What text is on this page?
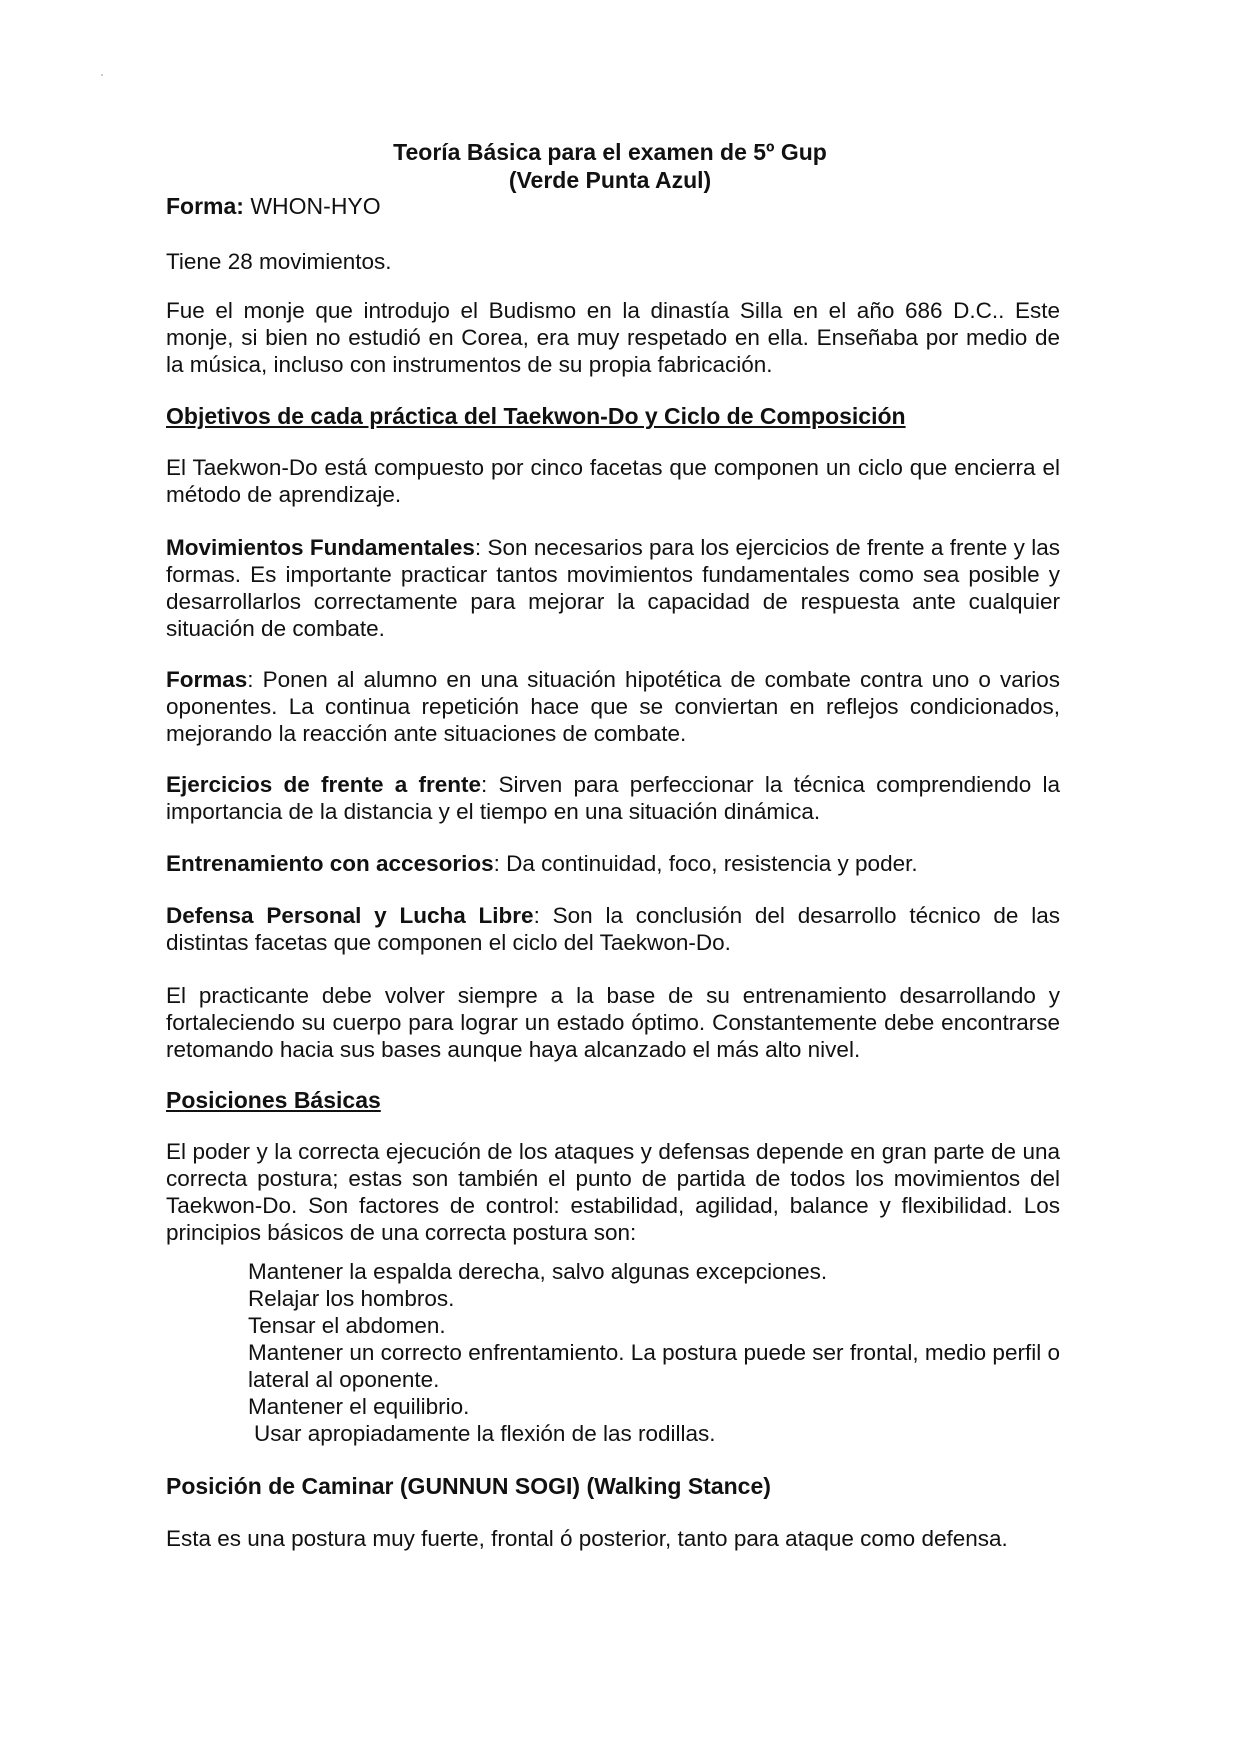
Teoría Básica para el examen de 5º Gup
(Verde Punta Azul)
Forma: WHON-HYO

Tiene 28 movimientos.

Fue el monje que introdujo el Budismo en la dinastía Silla en el año 686 D.C.. Este monje, si bien no estudió en Corea, era muy respetado en ella. Enseñaba por medio de la música, incluso con instrumentos de su propia fabricación.

Objetivos de cada práctica del Taekwon-Do y Ciclo de Composición

El Taekwon-Do está compuesto por cinco facetas que componen un ciclo que encierra el método de aprendizaje.

Movimientos Fundamentales: Son necesarios para los ejercicios de frente a frente y las formas. Es importante practicar tantos movimientos fundamentales como sea posible y desarrollarlos correctamente para mejorar la capacidad de respuesta ante cualquier situación de combate.

Formas: Ponen al alumno en una situación hipotética de combate contra uno o varios oponentes. La continua repetición hace que se conviertan en reflejos condicionados, mejorando la reacción ante situaciones de combate.

Ejercicios de frente a frente: Sirven para perfeccionar la técnica comprendiendo la importancia de la distancia y el tiempo en una situación dinámica.

Entrenamiento con accesorios: Da continuidad, foco, resistencia y poder.

Defensa Personal y Lucha Libre: Son la conclusión del desarrollo técnico de las distintas facetas que componen el ciclo del Taekwon-Do.

El practicante debe volver siempre a la base de su entrenamiento desarrollando y fortaleciendo su cuerpo para lograr un estado óptimo. Constantemente debe encontrarse retomando hacia sus bases aunque haya alcanzado el más alto nivel.

Posiciones Básicas

El poder y la correcta ejecución de los ataques y defensas depende en gran parte de una correcta postura; estas son también el punto de partida de todos los movimientos del Taekwon-Do. Son factores de control: estabilidad, agilidad, balance y flexibilidad. Los principios básicos de una correcta postura son:

Mantener la espalda derecha, salvo algunas excepciones.
Relajar los hombros.
Tensar el abdomen.
Mantener un correcto enfrentamiento. La postura puede ser frontal, medio perfil o lateral al oponente.
Mantener el equilibrio.
Usar apropiadamente la flexión de las rodillas.

Posición de Caminar (GUNNUN SOGI) (Walking Stance)

Esta es una postura muy fuerte, frontal ó posterior, tanto para ataque como defensa.
